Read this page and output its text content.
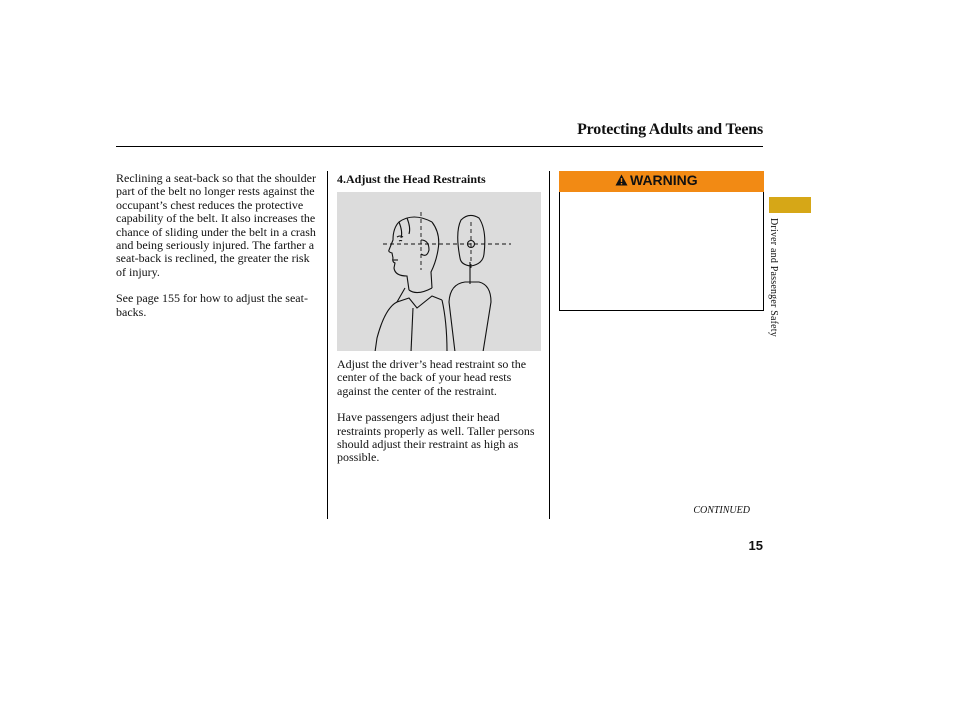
Protecting Adults and Teens

Reclining a seat-back so that the shoulder part of the belt no longer rests against the occupant’s chest reduces the protective capability of the belt. It also increases the chance of sliding under the belt in a crash and being seriously injured. The farther a seat-back is reclined, the greater the risk of injury.

See page 155 for how to adjust the seat-backs.

4.Adjust the Head Restraints

Adjust the driver’s head restraint so the center of the back of your head rests against the center of the restraint.

Have passengers adjust their head restraints properly as well. Taller persons should adjust their restraint as high as possible.

WARNING
Driver and Passenger Safety
CONTINUED
15
